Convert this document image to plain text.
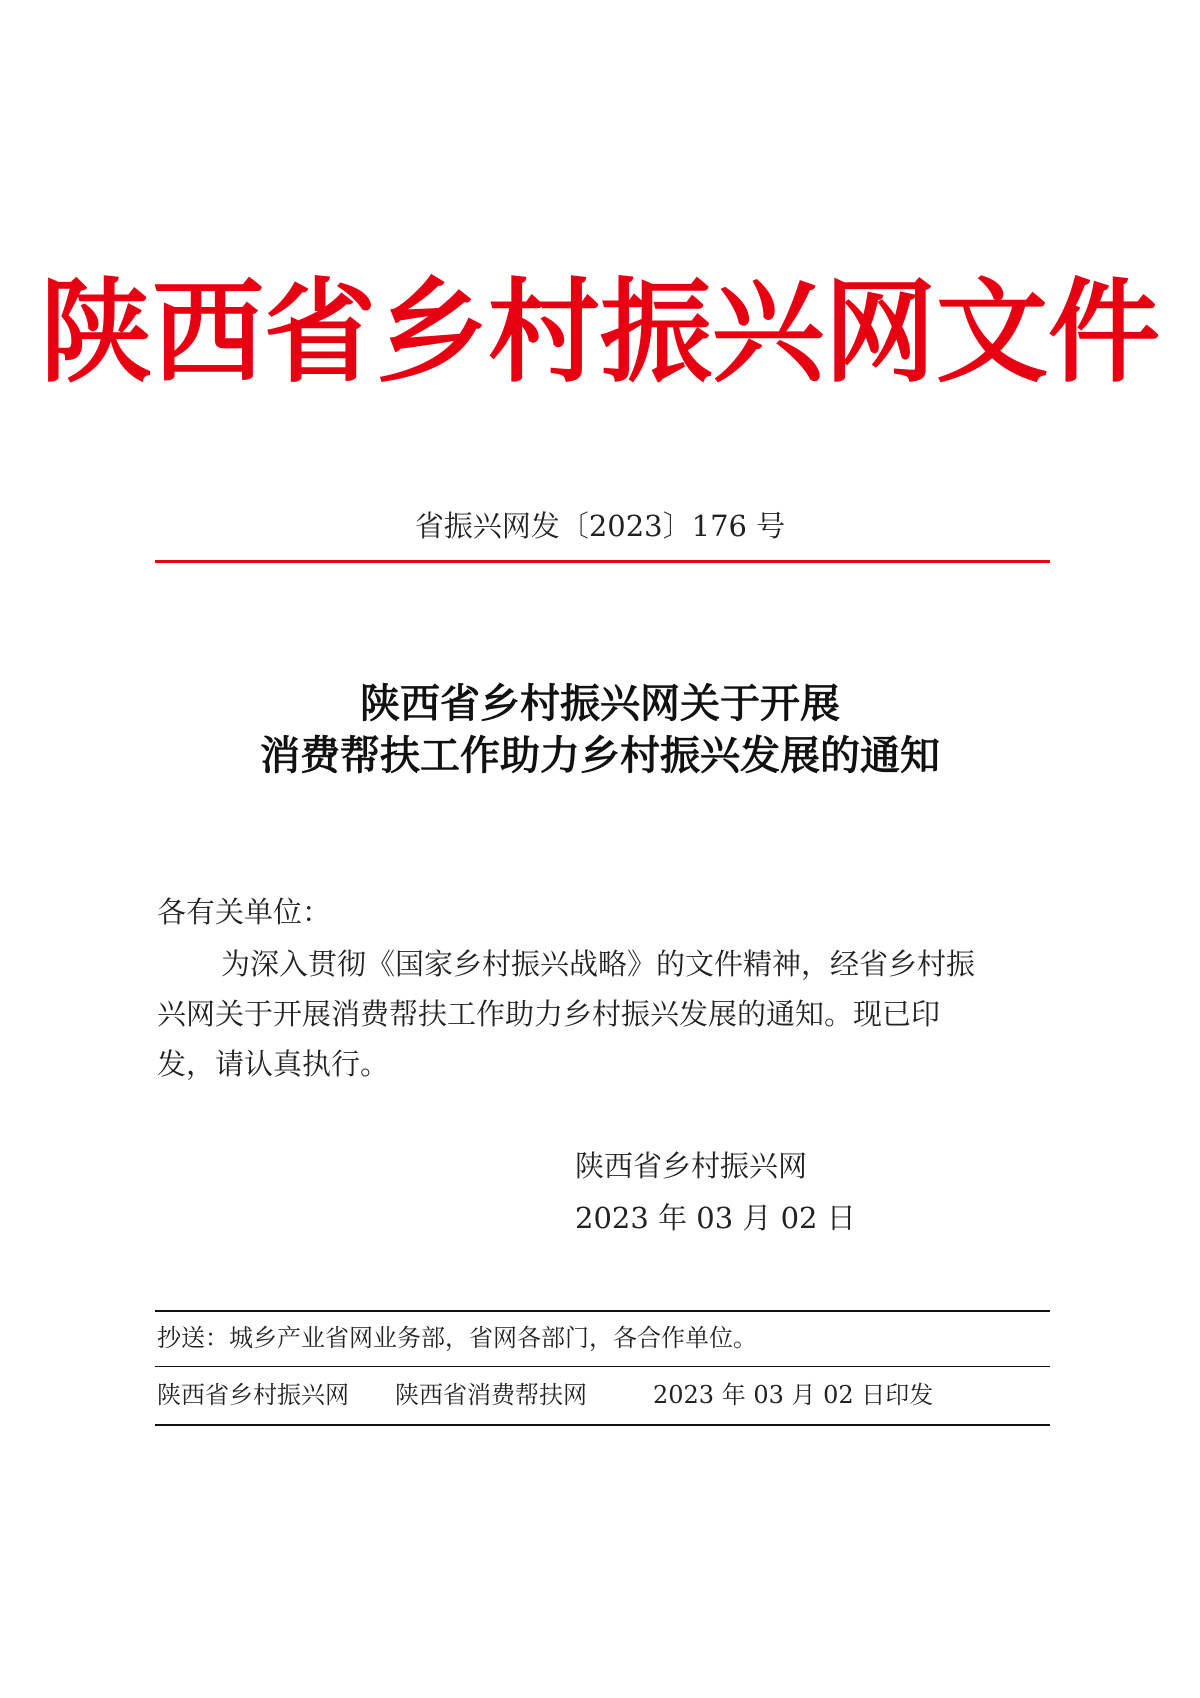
陕西省乡村振兴网文件
省振兴网发〔2023〕176 号
陕西省乡村振兴网关于开展
消费帮扶工作助力乡村振兴发展的通知
各有关单位：
为深入贯彻《国家乡村振兴战略》的文件精神，经省乡村振
兴网关于开展消费帮扶工作助力乡村振兴发展的通知。现已印
发，请认真执行。
陕西省乡村振兴网
2023 年 03 月 02 日
抄送：城乡产业省网业务部，省网各部门，各合作单位。
陕西省乡村振兴网 陕西省消费帮扶网	2023 年 03 月 02 日印发
